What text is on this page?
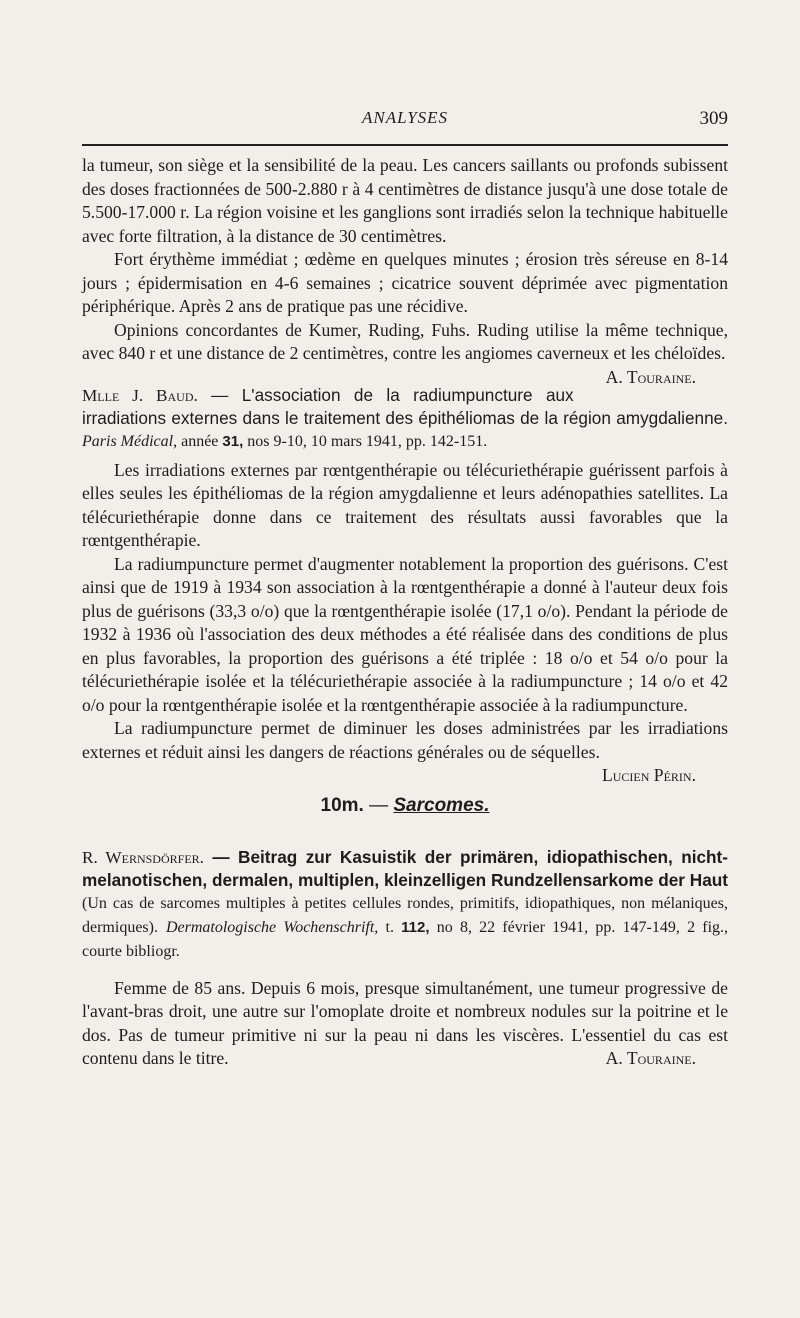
ANALYSES	309

la tumeur, son siège et la sensibilité de la peau. Les cancers saillants ou profonds subissent des doses fractionnées de 500-2.880 r à 4 centimètres de distance jusqu'à une dose totale de 5.500-17.000 r. La région voisine et les ganglions sont irradiés selon la technique habituelle avec forte filtration, à la distance de 30 centimètres.

Fort érythème immédiat ; œdème en quelques minutes ; érosion très séreuse en 8-14 jours ; épidermisation en 4-6 semaines ; cicatrice souvent déprimée avec pigmentation périphérique. Après 2 ans de pratique pas une récidive.

Opinions concordantes de Kumer, Ruding, Fuhs. Ruding utilise la même technique, avec 840 r et une distance de 2 centimètres, contre les angiomes caverneux et les chéloïdes.
A. Touraine.

Mlle J. Baud. — L'association de la radiumpuncture aux irradiations externes dans le traitement des épithéliomas de la région amygdalienne. Paris Médical, année 31, nos 9-10, 10 mars 1941, pp. 142-151.

Les irradiations externes par rœntgenthérapie ou télécuriethérapie guérissent parfois à elles seules les épithéliomas de la région amygdalienne et leurs adénopathies satellites. La télécuriethérapie donne dans ce traitement des résultats aussi favorables que la rœntgenthérapie.

La radiumpuncture permet d'augmenter notablement la proportion des guérisons. C'est ainsi que de 1919 à 1934 son association à la rœntgenthérapie a donné à l'auteur deux fois plus de guérisons (33,3 o/o) que la rœntgenthérapie isolée (17,1 o/o). Pendant la période de 1932 à 1936 où l'association des deux méthodes a été réalisée dans des conditions de plus en plus favorables, la proportion des guérisons a été triplée : 18 o/o et 54 o/o pour la télécuriethérapie isolée et la télécuriethérapie associée à la radiumpuncture ; 14 o/o et 42 o/o pour la rœntgenthérapie isolée et la rœntgenthérapie associée à la radiumpuncture.

La radiumpuncture permet de diminuer les doses administrées par les irradiations externes et réduit ainsi les dangers de réactions générales ou de séquelles.
Lucien Périn.

10m. — Sarcomes.
R. Wernsdörfer. — Beitrag zur Kasuistik der primären, idiopathischen, nicht-melanotischen, dermalen, multiplen, kleinzelligen Rundzellensarkome der Haut (Un cas de sarcomes multiples à petites cellules rondes, primitifs, idiopathiques, non mélaniques, dermiques). Dermatologische Wochenschrift, t. 112, no 8, 22 février 1941, pp. 147-149, 2 fig., courte bibliogr.

Femme de 85 ans. Depuis 6 mois, presque simultanément, une tumeur progressive de l'avant-bras droit, une autre sur l'omoplate droite et nombreux nodules sur la poitrine et le dos. Pas de tumeur primitive ni sur la peau ni dans les viscères. L'essentiel du cas est contenu dans le titre.	A. Touraine.
